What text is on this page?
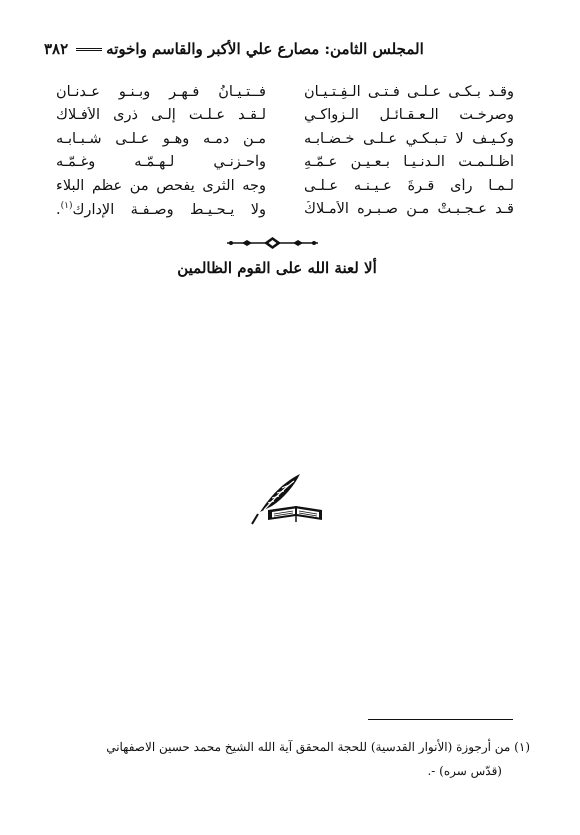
٣٨٢	المجلس الثامن: مصارع علي الأكبر والقاسم واخوته
وقـد بـكـى عـلـى فـتـى الـفِـتـيـان
فــتـيـانُ فـهـرٍ وبـنـو عـدنـان
وصرخـت الـعـقـائـل الـزواكـي
لـقـد عـلـت إلـى ذرى الأفـلاك
وكـيـف لا تـبـكـي عـلـى خـضـابـه
مـن دمـه وهـو عـلـى شـبـابـه
أظـلـمـت الـدنـيـا بـعـيـن عـمّـهِ
وآحـزنـي لـهـمّـه وغـمّـه
لـمـا رأى قـرةَ عـيـنـه عـلـى
وجه الثرى يفحص من عظم البلاء
قـد عـجـبـتْ مـن صـبـره الأمـلاكُ
ولا يـحـيـط وصـفـة الإدارك$^{(١)}$.
ألا لعنة الله على القوم الظالمين
(١) من أرجوزة (الأنوار القدسية) للحجة المحقق آية الله الشيخ محمد حسين الاصفهاني
(قدّس سره) -.
